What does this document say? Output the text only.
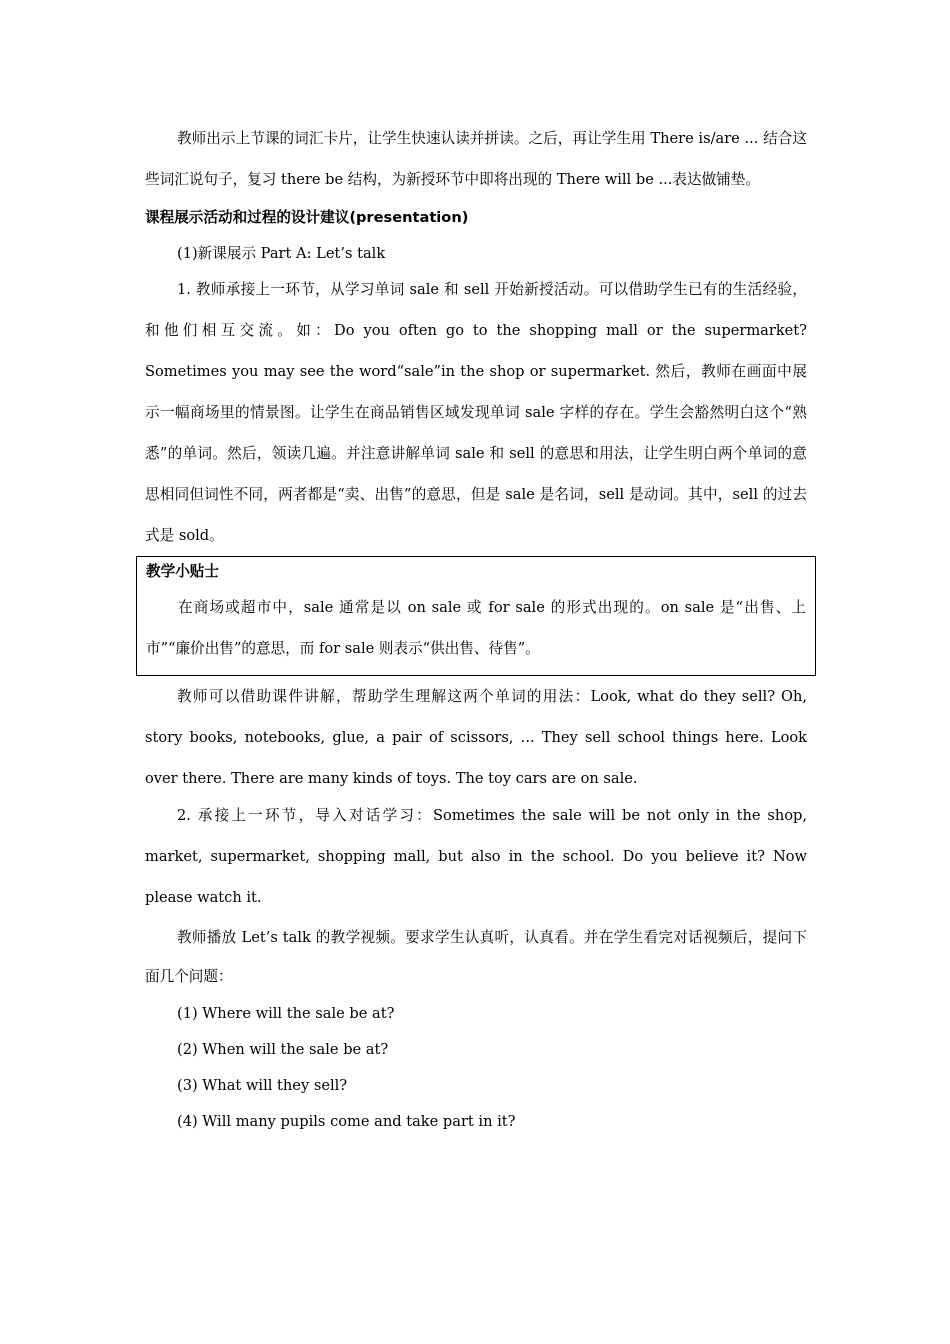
教师出示上节课的词汇卡片，让学生快速认读并拼读。之后，再让学生用 There is/are ... 结合这些词汇说句子，复习 there be 结构，为新授环节中即将出现的 There will be ...表达做铺垫。

课程展示活动和过程的设计建议(presentation)

(1)新课展示 Part A: Let’s talk

1. 教师承接上一环节，从学习单词 sale 和 sell 开始新授活动。可以借助学生已有的生活经验，和他们相互交流。如：Do you often go to the shopping mall or the supermarket? Sometimes you may see the word“sale”in the shop or supermarket. 然后，教师在画面中展示一幅商场里的情景图。让学生在商品销售区域发现单词 sale 字样的存在。学生会豁然明白这个“熟悉”的单词。然后，领读几遍。并注意讲解单词 sale 和 sell 的意思和用法，让学生明白两个单词的意思相同但词性不同，两者都是“卖、出售”的意思，但是 sale 是名词，sell 是动词。其中，sell 的过去式是 sold。

教学小贴士

在商场或超市中，sale 通常是以 on sale 或 for sale 的形式出现的。on sale 是“出售、上市”“廉价出售”的意思，而 for sale 则表示“供出售、待售”。

教师可以借助课件讲解，帮助学生理解这两个单词的用法：Look, what do they sell? Oh, story books, notebooks, glue, a pair of scissors, ... They sell school things here. Look over there. There are many kinds of toys. The toy cars are on sale.

2. 承接上一环节，导入对话学习：Sometimes the sale will be not only in the shop, market, supermarket, shopping mall, but also in the school. Do you believe it? Now please watch it.

教师播放 Let’s talk 的教学视频。要求学生认真听，认真看。并在学生看完对话视频后，提问下面几个问题：

(1) Where will the sale be at?

(2) When will the sale be at?

(3) What will they sell?

(4) Will many pupils come and take part in it?
